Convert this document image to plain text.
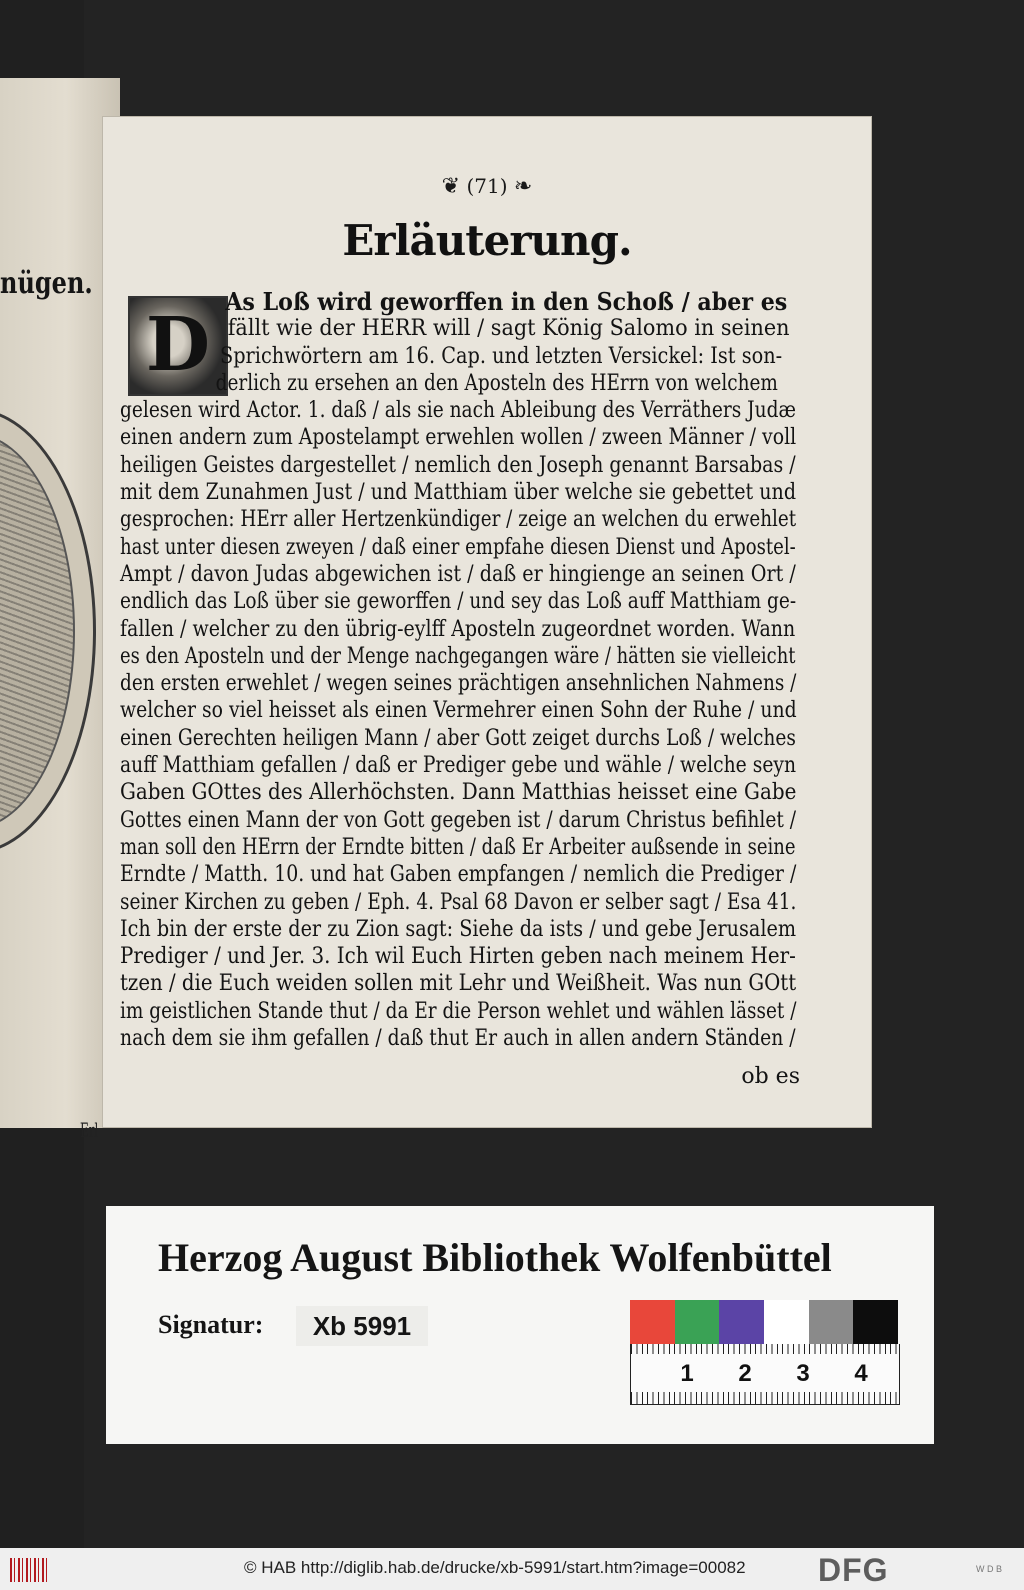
nügen.
Erl
❦ (71) ❧
Erläuterung.
D
As Loß wird geworffen in den Schoß / aber es
fällt wie der HERR will / sagt König Salomo in seinen
Sprichwörtern am 16. Cap. und letzten Versickel: Ist son-
derlich zu ersehen an den Aposteln des HErrn von welchem
gelesen wird Actor. 1. daß / als sie nach Ableibung des Verräthers Judæ
einen andern zum Apostelampt erwehlen wollen / zween Männer / voll
heiligen Geistes dargestellet / nemlich den Joseph genannt Barsabas /
mit dem Zunahmen Just / und Matthiam über welche sie gebettet und
gesprochen: HErr aller Hertzenkündiger / zeige an welchen du erwehlet
hast unter diesen zweyen / daß einer empfahe diesen Dienst und Apostel-
Ampt / davon Judas abgewichen ist / daß er hingienge an seinen Ort /
endlich das Loß über sie geworffen / und sey das Loß auff Matthiam ge-
fallen / welcher zu den übrig-eylff Aposteln zugeordnet worden. Wann
es den Aposteln und der Menge nachgegangen wäre / hätten sie vielleicht
den ersten erwehlet / wegen seines prächtigen ansehnlichen Nahmens /
welcher so viel heisset als einen Vermehrer einen Sohn der Ruhe / und
einen Gerechten heiligen Mann / aber Gott zeiget durchs Loß / welches
auff Matthiam gefallen / daß er Prediger gebe und wähle / welche seyn
Gaben GOttes des Allerhöchsten. Dann Matthias heisset eine Gabe
Gottes einen Mann der von Gott gegeben ist / darum Christus befihlet /
man soll den HErrn der Erndte bitten / daß Er Arbeiter außsende in seine
Erndte / Matth. 10. und hat Gaben empfangen / nemlich die Prediger /
seiner Kirchen zu geben / Eph. 4. Psal 68 Davon er selber sagt / Esa 41.
Ich bin der erste der zu Zion sagt: Siehe da ists / und gebe Jerusalem
Prediger / und Jer. 3. Ich wil Euch Hirten geben nach meinem Her-
tzen / die Euch weiden sollen mit Lehr und Weißheit. Was nun GOtt
im geistlichen Stande thut / da Er die Person wehlet und wählen lässet /
nach dem sie ihm gefallen / daß thut Er auch in allen andern Ständen /
ob es
Herzog August Bibliothek Wolfenbüttel
Signatur:	Xb 5991
1 2 3 4
© HAB http://diglib.hab.de/drucke/xb-5991/start.htm?image=00082 DFG	W D B
